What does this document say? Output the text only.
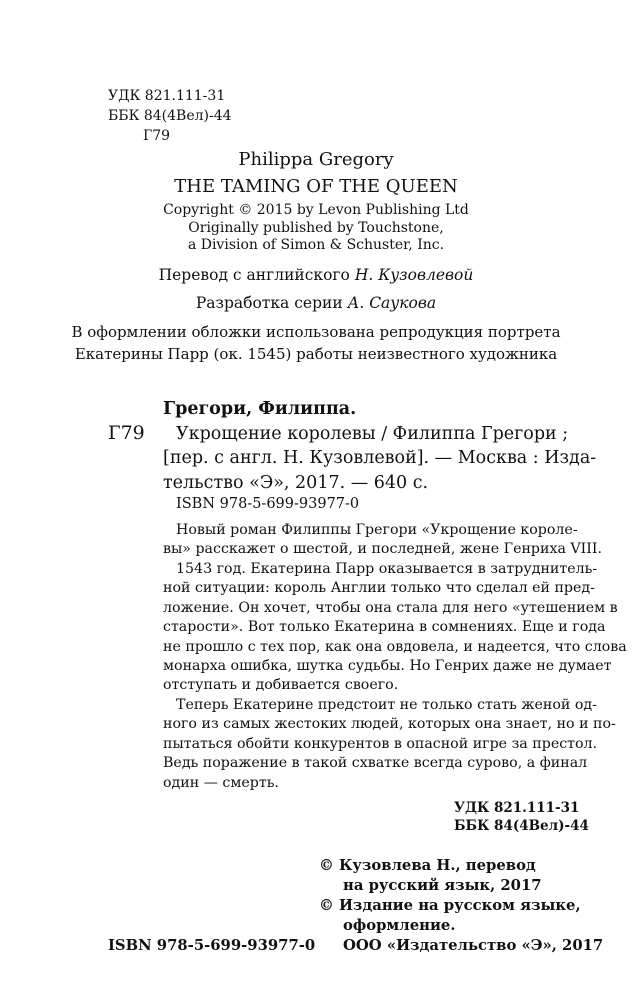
УДК 821.111-31
ББК 84(4Вел)-44
Г79
Philippa Gregory
THE TAMING OF THE QUEEN
Copyright © 2015 by Levon Publishing Ltd
Originally published by Touchstone,
a Division of Simon & Schuster, Inc.
Перевод с английского Н. Кузовлевой
Разработка серии А. Саукова
В оформлении обложки использована репродукция портрета
Екатерины Парр (ок. 1545) работы неизвестного художника
Г79
Грегори, Филиппа.
Укрощение королевы / Филиппа Грегори ;
[пер. с англ. Н. Кузовлевой]. — Москва : Изда-
тельство «Э», 2017. — 640 с.
ISBN 978-5-699-93977-0
Новый роман Филиппы Грегори «Укрощение короле-
вы» расскажет о шестой, и последней, жене Генриха VIII.
1543 год. Екатерина Парр оказывается в затруднитель-
ной ситуации: король Англии только что сделал ей пред-
ложение. Он хочет, чтобы она стала для него «утешением в
старости». Вот только Екатерина в сомнениях. Еще и года
не прошло с тех пор, как она овдовела, и надеется, что слова
монарха ошибка, шутка судьбы. Но Генрих даже не думает
отступать и добивается своего.
Теперь Екатерине предстоит не только стать женой од-
ного из самых жестоких людей, которых она знает, но и по-
пытаться обойти конкурентов в опасной игре за престол.
Ведь поражение в такой схватке всегда сурово, а финал
один — смерть.
УДК 821.111-31
ББК 84(4Вел)-44
© Кузовлева Н., перевод
на русский язык, 2017
© Издание на русском языке,
оформление.
ООО «Издательство «Э», 2017
ISBN 978-5-699-93977-0
